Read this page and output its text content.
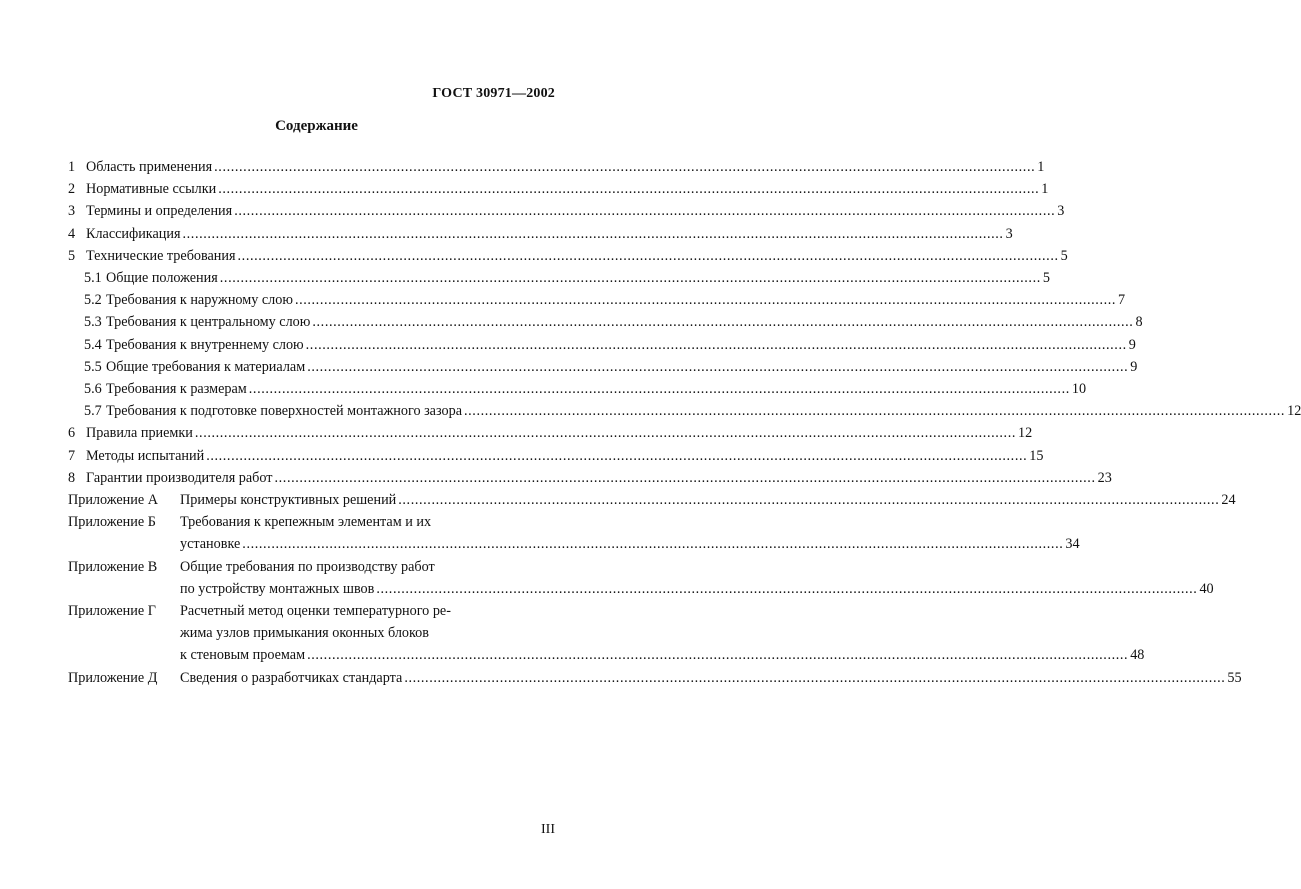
ГОСТ 30971—2002
Содержание
1 Область применения .....	1
2 Нормативные ссылки .....	1
3 Термины и определения .....	3
4 Классификация .....	3
5 Технические требования .....	5
5.1 Общие положения .....	5
5.2 Требования к наружному слою .....	7
5.3 Требования к центральному слою .....	8
5.4 Требования к внутреннему слою .....	9
5.5 Общие требования к материалам .....	9
5.6 Требования к размерам .....	10
5.7 Требования к подготовке поверхностей монтажного зазора .....	12
6 Правила приемки .....	12
7 Методы испытаний .....	15
8 Гарантии производителя работ .....	23
Приложение А	Примеры конструктивных решений .....	24
Приложение Б	Требования к крепежным элементам и их
установке .....	34
Приложение В	Общие требования по производству работ
по устройству монтажных швов .....	40
Приложение Г	Расчетный метод оценки температурного ре-
жима узлов примыкания оконных блоков
к стеновым проемам .....	48
Приложение Д	Сведения о разработчиках стандарта .....	55
III
